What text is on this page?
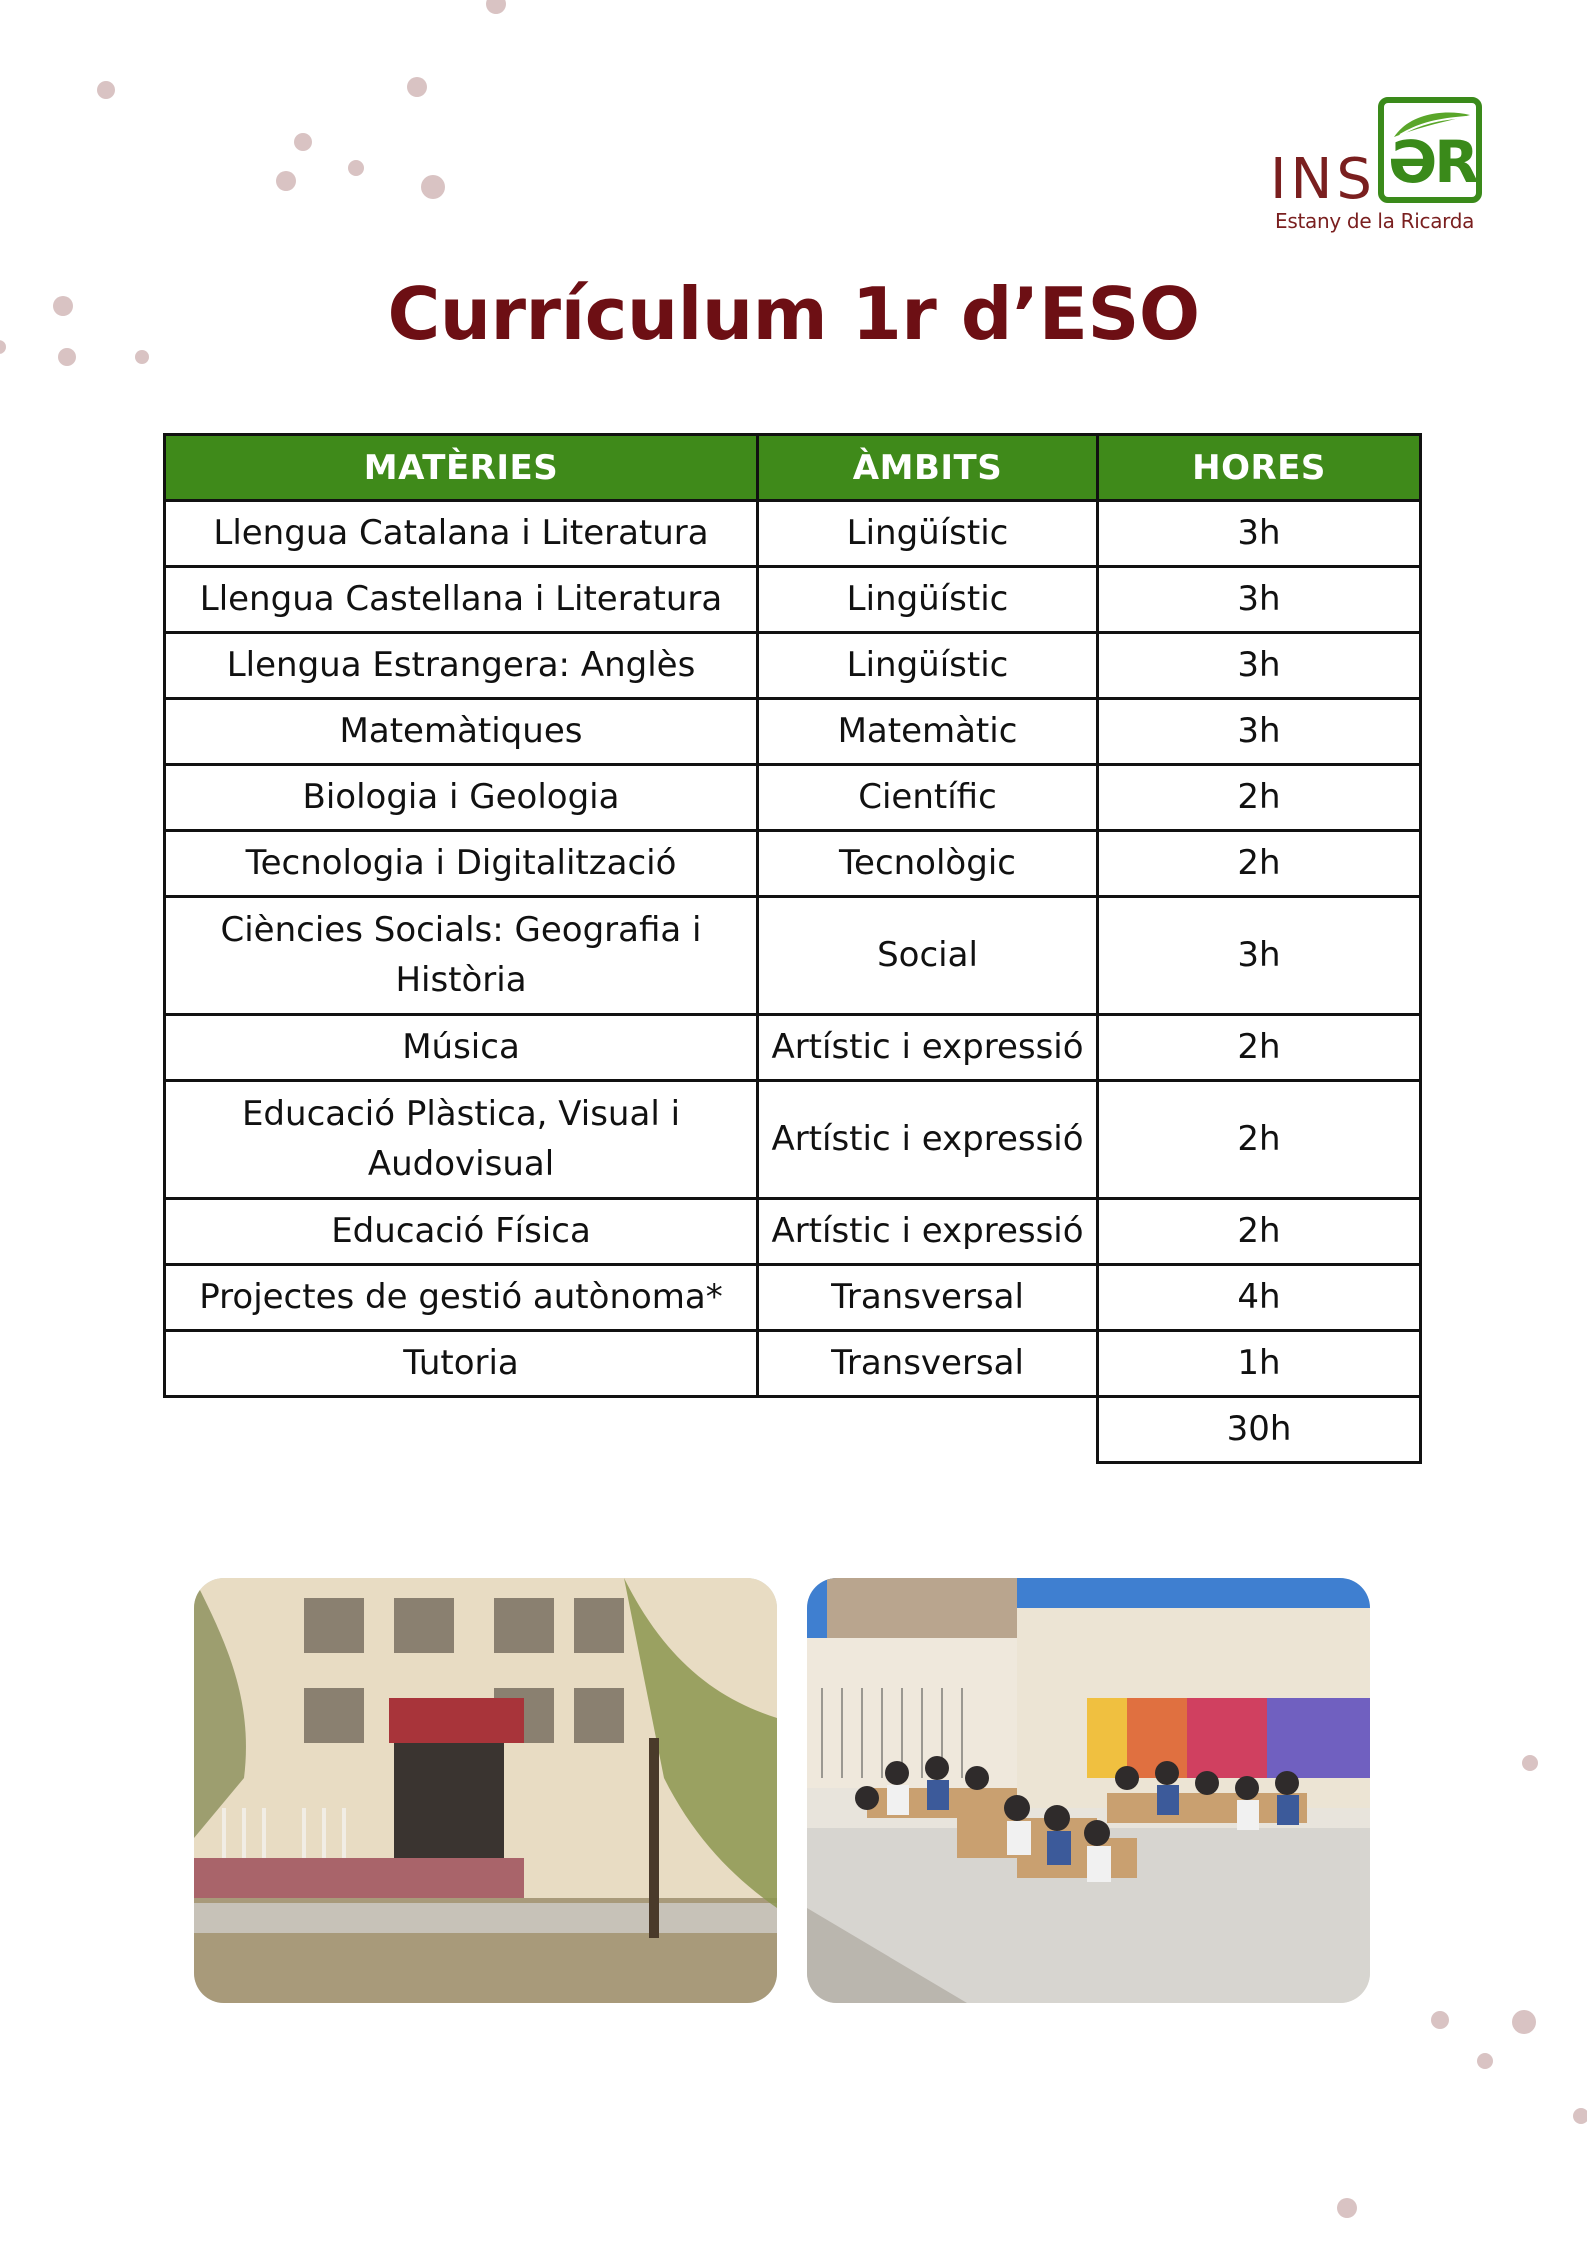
INS ƏR
Estany de la Ricarda
Currículum 1r d’ESO
MATÈRIES	ÀMBITS	HORES
Llengua Catalana i Literatura	Lingüístic	3h
Llengua Castellana i Literatura	Lingüístic	3h
Llengua Estrangera: Anglès	Lingüístic	3h
Matemàtiques	Matemàtic	3h
Biologia i Geologia	Científic	2h
Tecnologia i Digitalització	Tecnològic	2h
Ciències Socials: Geografia i Història	Social	3h
Música	Artístic i expressió	2h
Educació Plàstica, Visual i Audovisual	Artístic i expressió	2h
Educació Física	Artístic i expressió	2h
Projectes de gestió autònoma*	Transversal	4h
Tutoria	Transversal	1h
		30h
